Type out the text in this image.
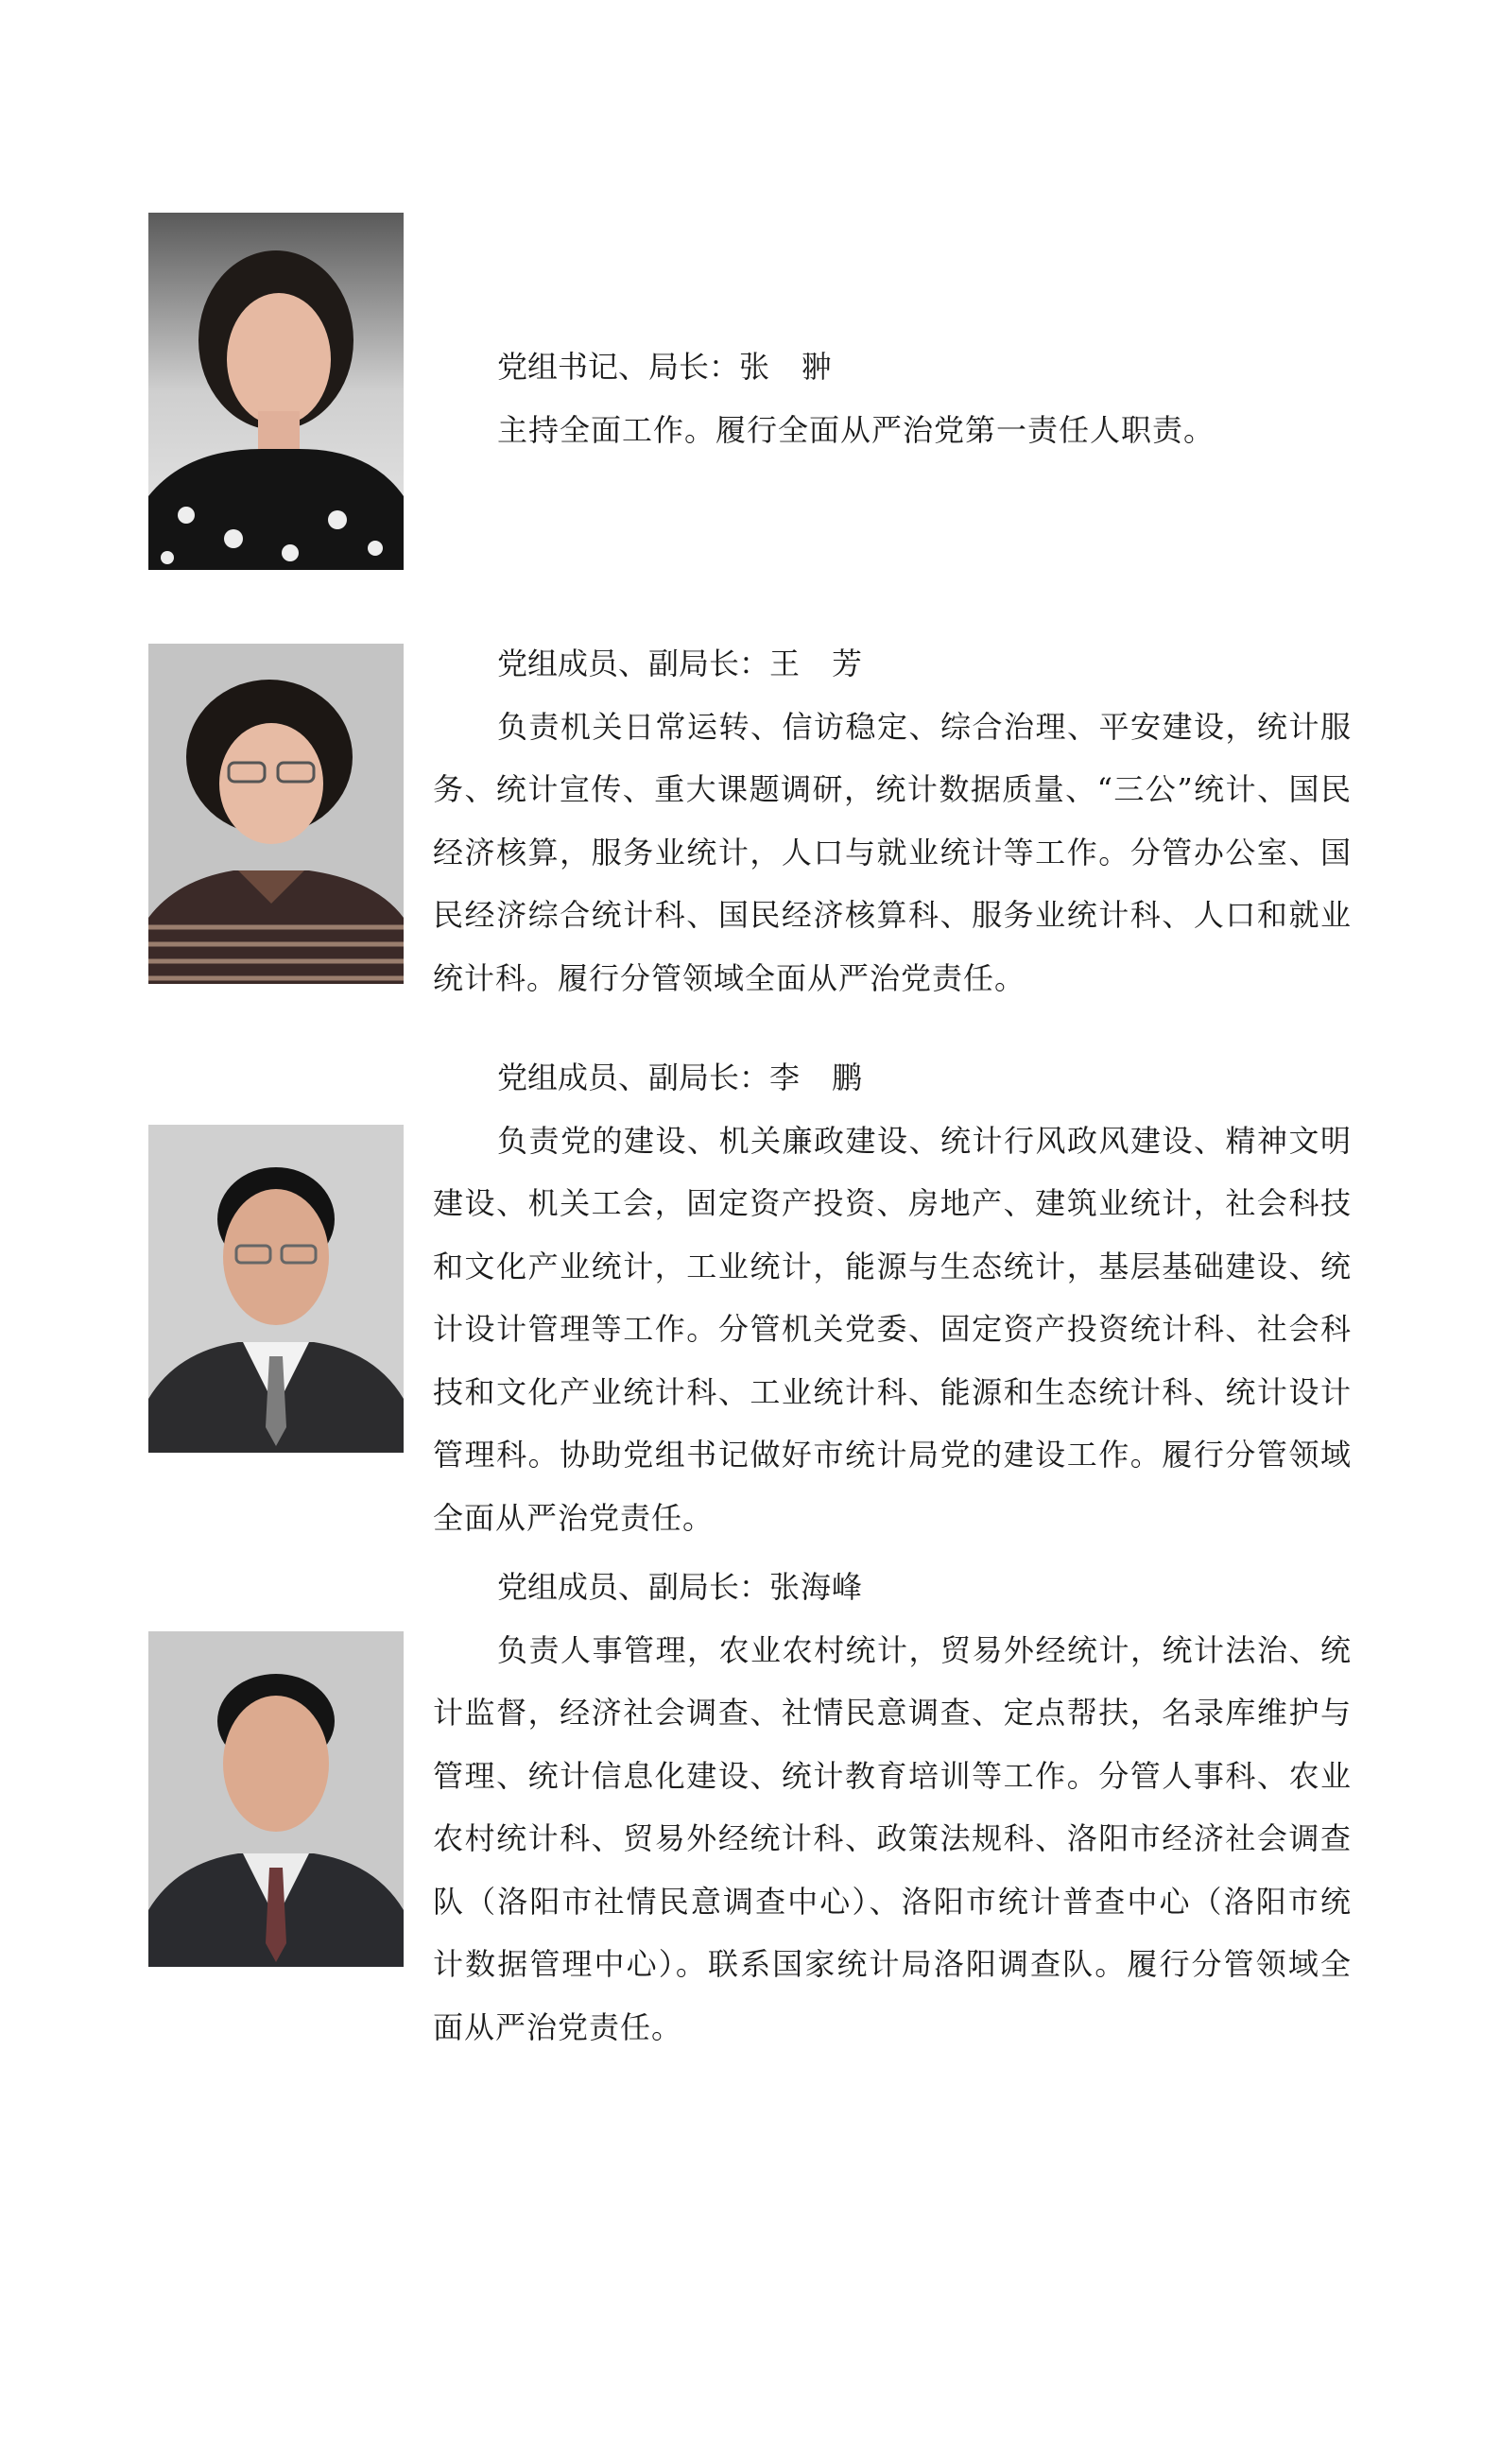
党组书记、局长：张　翀

主持全面工作。履行全面从严治党第一责任人职责。

党组成员、副局长：王　芳

负责机关日常运转、信访稳定、综合治理、平安建设，统计服务、统计宣传、重大课题调研，统计数据质量、“三公”统计、国民经济核算，服务业统计，人口与就业统计等工作。分管办公室、国民经济综合统计科、国民经济核算科、服务业统计科、人口和就业统计科。履行分管领域全面从严治党责任。

党组成员、副局长：李　鹏

负责党的建设、机关廉政建设、统计行风政风建设、精神文明建设、机关工会，固定资产投资、房地产、建筑业统计，社会科技和文化产业统计，工业统计，能源与生态统计，基层基础建设、统计设计管理等工作。分管机关党委、固定资产投资统计科、社会科技和文化产业统计科、工业统计科、能源和生态统计科、统计设计管理科。协助党组书记做好市统计局党的建设工作。履行分管领域全面从严治党责任。

党组成员、副局长：张海峰

负责人事管理，农业农村统计，贸易外经统计，统计法治、统计监督，经济社会调查、社情民意调查、定点帮扶，名录库维护与管理、统计信息化建设、统计教育培训等工作。分管人事科、农业农村统计科、贸易外经统计科、政策法规科、洛阳市经济社会调查队（洛阳市社情民意调查中心）、洛阳市统计普查中心（洛阳市统计数据管理中心）。联系国家统计局洛阳调查队。履行分管领域全面从严治党责任。
